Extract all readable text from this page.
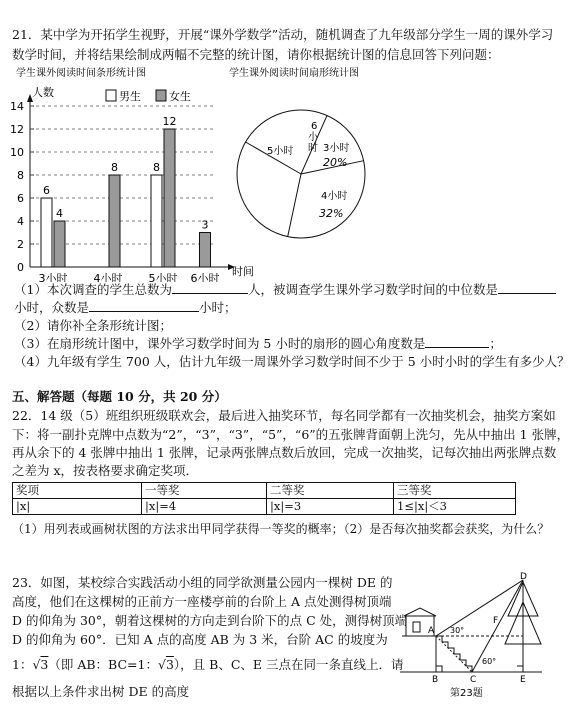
21．某中学为开拓学生视野，开展“课外学数学”活动，随机调查了九年级部分学生一周的课外学习
数学时间，并将结果绘制成两幅不完整的统计图，请你根据统计图的信息回答下列问题：
学生课外阅读时间条形统计图
男生	女生
人数
时间
0
2
4
6
8
10
12
14
3小时
6
4
4小时
8
5小时
8
12
6小时
3
学生课外阅读时间扇形统计图
3小时
20%
4小时
32%
5小时
6
小
时
（1）本次调查的学生总数为	人，被调查学生课外学习数学时间的中位数是
小时，众数是	小时；
（2）请你补全条形统计图；
（3）在扇形统计图中，课外学习数学时间为 5 小时的扇形的圆心角度数是	；
（4）九年级有学生 700 人，估计九年级一周课外学习数学时间不少于 5 小时小时的学生有多少人？
五、解答题（每题 10 分，共 20 分）
22．14 级（5）班组织班级联欢会，最后进入抽奖环节，每名同学都有一次抽奖机会，抽奖方案如
下：将一副扑克牌中点数为“2”，“3”，“3”，“5”，“6”的五张牌背面朝上洗匀，先从中抽出 1 张牌，
再从余下的 4 张牌中抽出 1 张牌，记录两张牌点数后放回，完成一次抽奖，记每次抽出两张牌点数
之差为 x，按表格要求确定奖项．
奖项	一等奖	二等奖	三等奖
|x|	|x|=4	|x|=3	1≤|x|＜3
（1）用列表或画树状图的方法求出甲同学获得一等奖的概率；（2）是否每次抽奖都会获奖，为什么？
23．如图，某校综合实践活动小组的同学欲测量公园内一棵树 DE 的
高度，他们在这棵树的正前方一座楼亭前的台阶上 A 点处测得树顶端
D 的仰角为 30°，朝着这棵树的方向走到台阶下的点 C 处，测得树顶端
D 的仰角为 60°．已知 A 点的高度 AB 为 3 米，台阶 AC 的坡度为
1：√3（即 AB：BC=1：√3），且 B、C、E 三点在同一条直线上．请
根据以上条件求出树 DE 的高度
D
A
F
B	C	E
30°
60°
第23题
